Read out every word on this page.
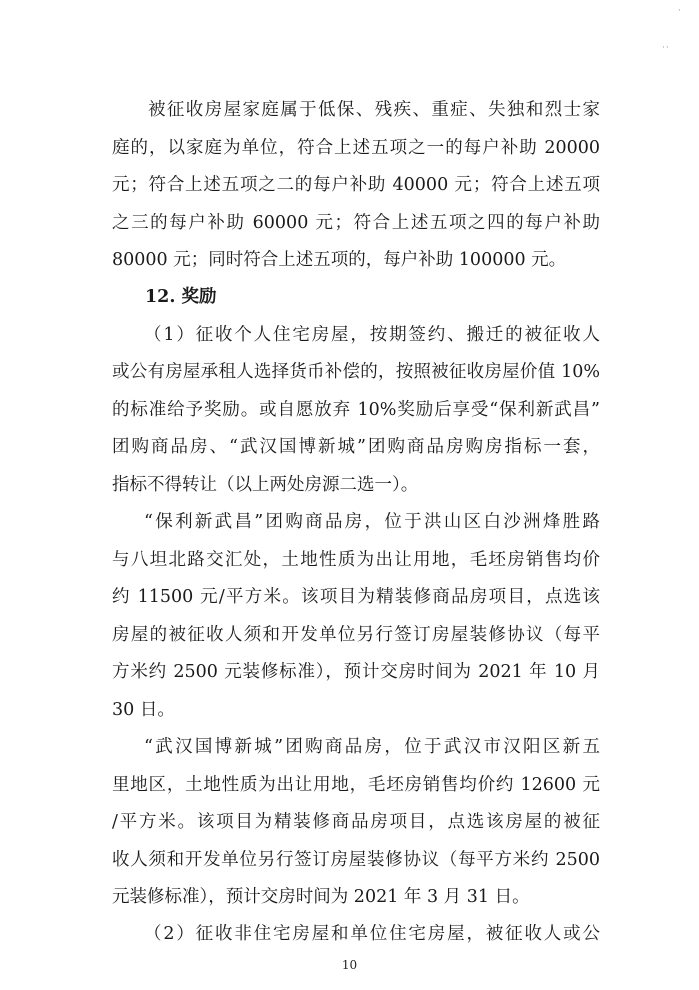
·
··
被征收房屋家庭属于低保、残疾、重症、失独和烈士家
庭的，以家庭为单位，符合上述五项之一的每户补助 20000
元；符合上述五项之二的每户补助 40000 元；符合上述五项
之三的每户补助 60000 元；符合上述五项之四的每户补助
80000 元；同时符合上述五项的，每户补助 100000 元。
12. 奖励
（1）征收个人住宅房屋，按期签约、搬迁的被征收人
或公有房屋承租人选择货币补偿的，按照被征收房屋价值 10%
的标准给予奖励。或自愿放弃 10%奖励后享受“保利新武昌”
团购商品房、“武汉国博新城”团购商品房购房指标一套，
指标不得转让（以上两处房源二选一）。
“保利新武昌”团购商品房，位于洪山区白沙洲烽胜路
与八坦北路交汇处，土地性质为出让用地，毛坯房销售均价
约 11500 元/平方米。该项目为精装修商品房项目，点选该
房屋的被征收人须和开发单位另行签订房屋装修协议（每平
方米约 2500 元装修标准），预计交房时间为 2021 年 10 月
30 日。
“武汉国博新城”团购商品房，位于武汉市汉阳区新五
里地区，土地性质为出让用地，毛坯房销售均价约 12600 元
/平方米。该项目为精装修商品房项目，点选该房屋的被征
收人须和开发单位另行签订房屋装修协议（每平方米约 2500
元装修标准），预计交房时间为 2021 年 3 月 31 日。
（2）征收非住宅房屋和单位住宅房屋，被征收人或公
10
